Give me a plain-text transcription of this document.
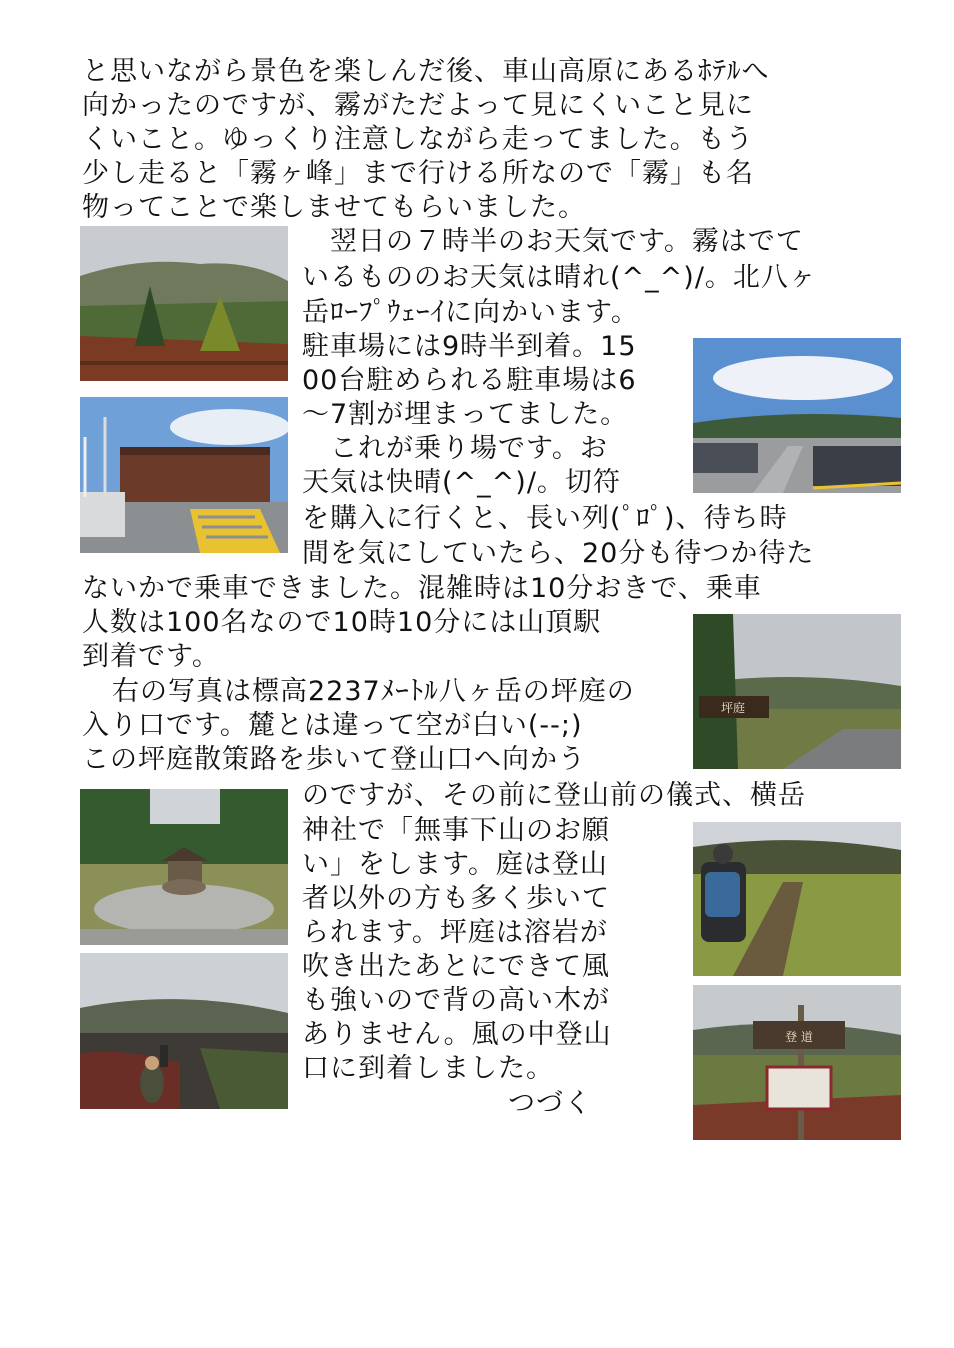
と思いながら景色を楽しんだ後、車山高原にあるﾎﾃﾙへ
向かったのですが、霧がただよって見にくいこと見に
くいこと。ゆっくり注意しながら走ってました。もう
少し走ると「霧ヶ峰」まで行ける所なので「霧」も名
物ってことで楽しませてもらいました。
翌日の７時半のお天気です。霧はでて
いるもののお天気は晴れ(^_^)/。北八ヶ
岳ﾛｰﾌﾟｳｪｰｲに向かいます。
駐車場には9時半到着。15
00台駐められる駐車場は6
～7割が埋まってました。
これが乗り場です。お
天気は快晴(^_^)/。切符
を購入に行くと、長い列(ﾟﾛﾟ)、待ち時
間を気にしていたら、20分も待つか待た
ないかで乗車できました。混雑時は10分おきで、乗車
人数は100名なので10時10分には山頂駅
到着です。
右の写真は標高2237ﾒｰﾄﾙ八ヶ岳の坪庭の
入り口です。麓とは違って空が白い(--;)
この坪庭散策路を歩いて登山口へ向かう
のですが、その前に登山前の儀式、横岳
神社で「無事下山のお願
い」をします。庭は登山
者以外の方も多く歩いて
られます。坪庭は溶岩が
吹き出たあとにできて風
も強いので背の高い木が
ありません。風の中登山
口に到着しました。
つづく
坪庭
登 道
